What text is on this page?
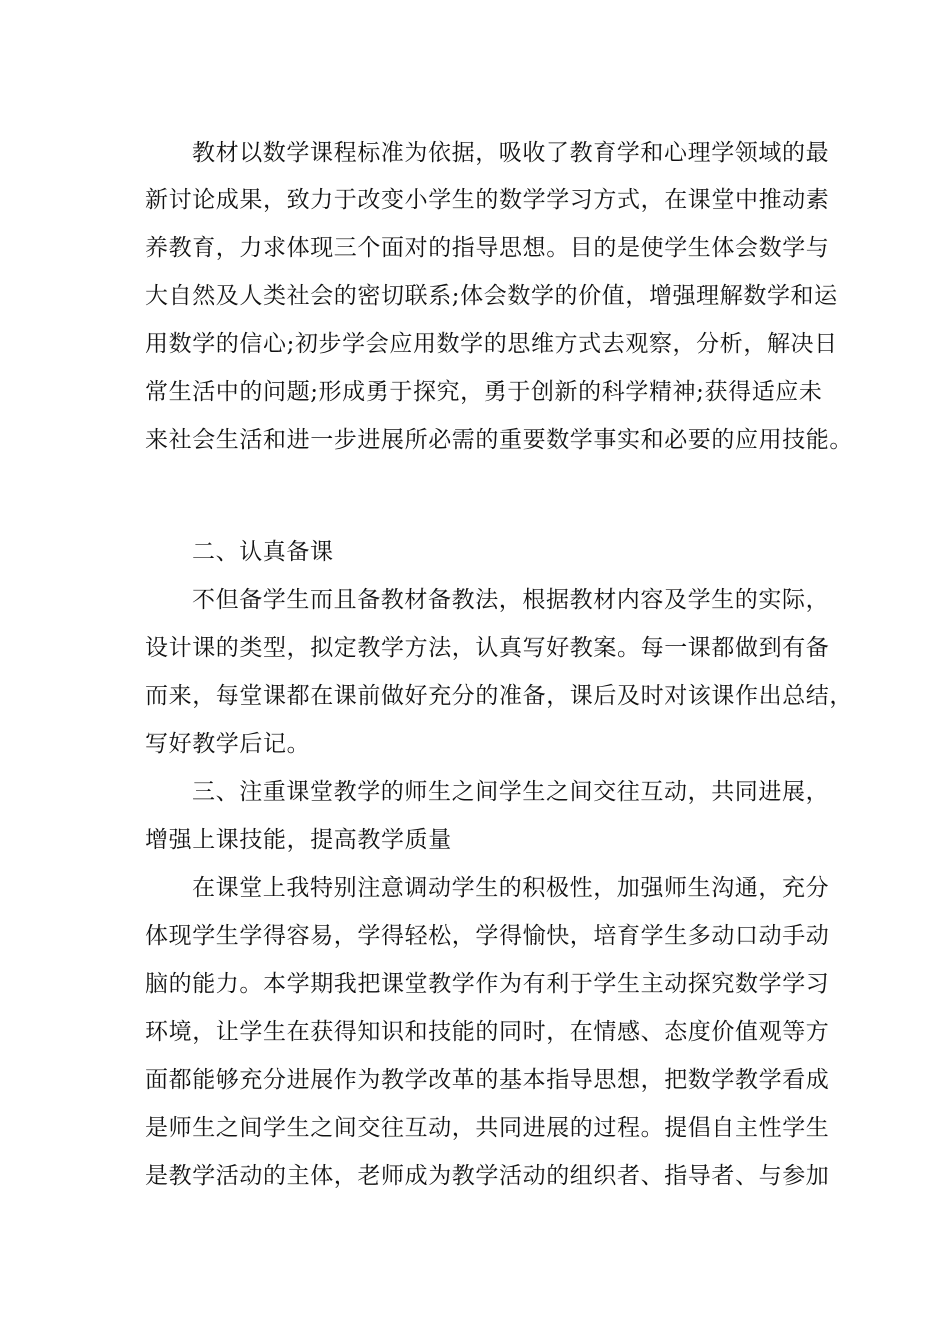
教材以数学课程标准为依据，吸收了教育学和心理学领域的最
新讨论成果，致力于改变小学生的数学学习方式，在课堂中推动素
养教育，力求体现三个面对的指导思想。目的是使学生体会数学与
大自然及人类社会的密切联系;体会数学的价值，增强理解数学和运
用数学的信心;初步学会应用数学的思维方式去观察，分析，解决日
常生活中的问题;形成勇于探究，勇于创新的科学精神;获得适应未
来社会生活和进一步进展所必需的重要数学事实和必要的应用技能。
二、认真备课
不但备学生而且备教材备教法，根据教材内容及学生的实际，
设计课的类型，拟定教学方法，认真写好教案。每一课都做到有备
而来，每堂课都在课前做好充分的准备，课后及时对该课作出总结，
写好教学后记。
三、注重课堂教学的师生之间学生之间交往互动，共同进展，
增强上课技能，提高教学质量
在课堂上我特别注意调动学生的积极性，加强师生沟通，充分
体现学生学得容易，学得轻松，学得愉快，培育学生多动口动手动
脑的能力。本学期我把课堂教学作为有利于学生主动探究数学学习
环境，让学生在获得知识和技能的同时，在情感、态度价值观等方
面都能够充分进展作为教学改革的基本指导思想，把数学教学看成
是师生之间学生之间交往互动，共同进展的过程。提倡自主性学生
是教学活动的主体，老师成为教学活动的组织者、指导者、与参加
